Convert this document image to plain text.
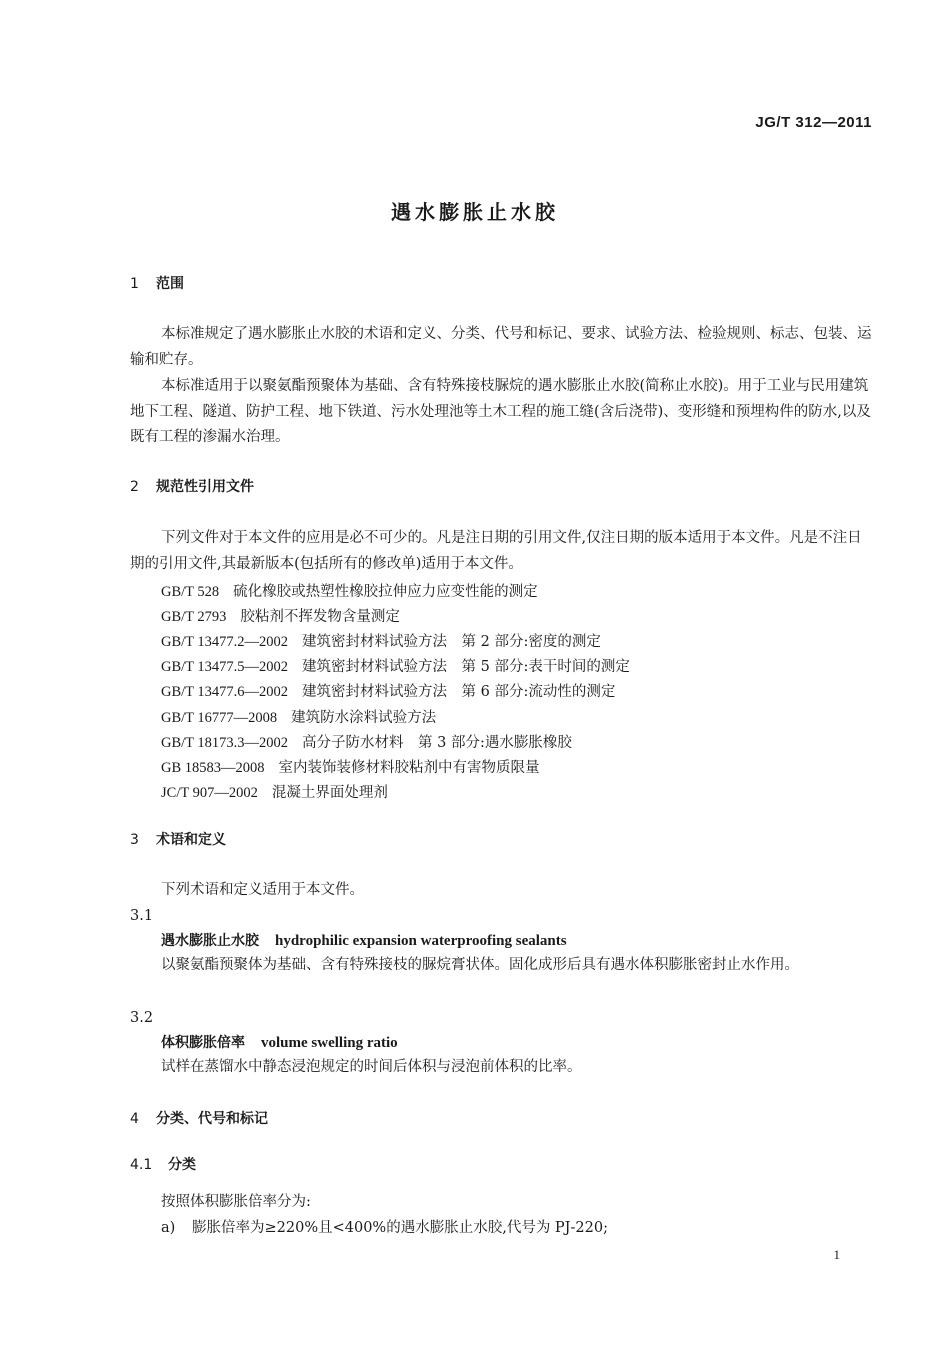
JG/T 312—2011
遇水膨胀止水胶
1 范围
本标准规定了遇水膨胀止水胶的术语和定义、分类、代号和标记、要求、试验方法、检验规则、标志、包装、运输和贮存。
本标准适用于以聚氨酯预聚体为基础、含有特殊接枝脲烷的遇水膨胀止水胶(简称止水胶)。用于工业与民用建筑地下工程、隧道、防护工程、地下铁道、污水处理池等土木工程的施工缝(含后浇带)、变形缝和预埋构件的防水,以及既有工程的渗漏水治理。
2 规范性引用文件
下列文件对于本文件的应用是必不可少的。凡是注日期的引用文件,仅注日期的版本适用于本文件。凡是不注日期的引用文件,其最新版本(包括所有的修改单)适用于本文件。
GB/T 528 硫化橡胶或热塑性橡胶拉伸应力应变性能的测定
GB/T 2793 胶粘剂不挥发物含量测定
GB/T 13477.2—2002 建筑密封材料试验方法　第 2 部分:密度的测定
GB/T 13477.5—2002 建筑密封材料试验方法　第 5 部分:表干时间的测定
GB/T 13477.6—2002 建筑密封材料试验方法　第 6 部分:流动性的测定
GB/T 16777—2008 建筑防水涂料试验方法
GB/T 18173.3—2002 高分子防水材料　第 3 部分:遇水膨胀橡胶
GB 18583—2008 室内装饰装修材料胶粘剂中有害物质限量
JC/T 907—2002 混凝土界面处理剂
3 术语和定义
下列术语和定义适用于本文件。
3.1
遇水膨胀止水胶 hydrophilic expansion waterproofing sealants
以聚氨酯预聚体为基础、含有特殊接枝的脲烷膏状体。固化成形后具有遇水体积膨胀密封止水作用。
3.2
体积膨胀倍率 volume swelling ratio
试样在蒸馏水中静态浸泡规定的时间后体积与浸泡前体积的比率。
4 分类、代号和标记
4.1 分类
按照体积膨胀倍率分为:
a) 膨胀倍率为≥220%且<400%的遇水膨胀止水胶,代号为 PJ-220;
1
